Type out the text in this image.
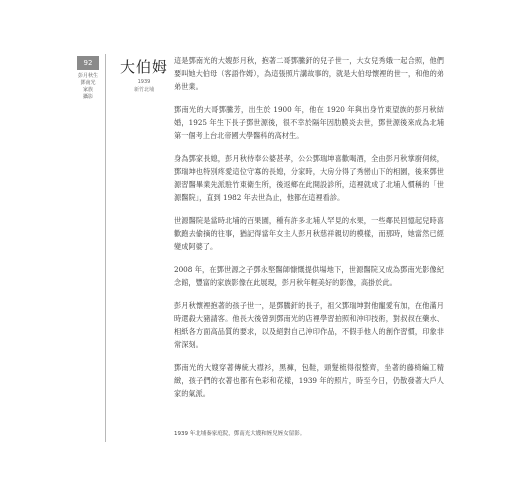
92
彭月秋生
鄧南光
家族
攝影
大伯姆
1939
新竹北埔

這是鄧南光的大嫂彭月秋，抱著二哥鄧騰釬的兒子世一，大女兒秀娥一起合照，他們要叫她大伯母（客語作姆），為這張照片講故事的，就是大伯母懷裡的世一，和他的弟弟世業。

鄧南光的大哥鄧騰芳，出生於 1900 年，他在 1920 年與出身竹東望族的彭月秋結婚，1925 年生下長子鄧世源後，很不幸於隔年因肋膜炎去世，鄧世源後來成為北埔第一個考上台北帝國大學醫科的高材生。

身為鄧家長媳，彭月秋侍奉公婆甚孝，公公鄧瑞坤喜歡喝酒，全由彭月秋掌廚伺候，鄧瑞坤也特別疼愛這位守寡的長媳，分家時，大房分得了秀巒山下的相園，後來鄧世源習醫畢業先派駐竹東衛生所，後返鄉在此開設診所，這裡就成了北埔人慣稱的「世源醫院」，直到 1982 年去世為止，他都在這裡看診。

世源醫院是當時北埔的百果園，種有許多北埔人罕見的水果，一些鄰民回憶起兒時喜歡跑去偷摘的往事，猶記得當年女主人彭月秋慈祥親切的模樣，而那時，她當然已經變成阿婆了。

2008 年，在鄧世源之子鄧永堅醫師慷慨提供場地下，世源醫院又成為鄧南光影像紀念館，豐富的家族影像在此展現，彭月秋年輕美好的影像，高掛於此。

彭月秋懷裡抱著的孩子世一，是鄧騰釬的長子，祖父鄧瑞坤對他寵愛有加，在他滿月時還殺大豬請客。他長大後曾到鄧南光的店裡學習拍照和沖印技術，對叔叔在藥水、相紙各方面高品質的要求，以及絕對自己沖印作品，不假手他人的創作習慣，印象非常深刻。

鄧南光的大嫂穿著傳統大襟衫，黑褲，包鞋，頭髮梳得很整齊，坐著的藤椅編工精緻，孩子們的衣著也都有色彩和花樣，1939 年的照片，時至今日，仍散發著大戶人家的氣派。

1939 年北埔秦家庭院，鄧南光大嫂和姪兒姪女留影。
